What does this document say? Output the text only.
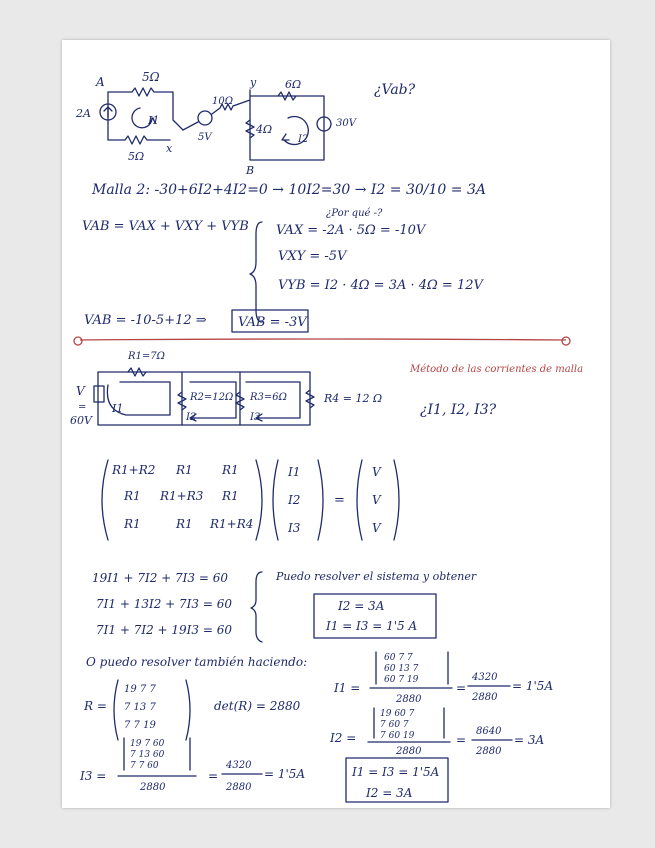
A	5Ω
2A
I1
5Ω
x
10Ω
5V
y	6Ω
4Ω
I2
30V
B
¿Vab?
Malla 2: -30+6I2+4I2=0 → 10I2=30 → I2 = 30/10 = 3A
VAB = VAX + VXY + VYB
¿Por qué -?
VAX = -2A · 5Ω = -10V
VXY = -5V
VYB = I2 · 4Ω = 3A · 4Ω = 12V
VAB = -10-5+12 ⇒ VAB = -3V
R1=7Ω
R2=12Ω R3=6Ω	R4 = 12 Ω
V
=
60V
I1
I2	I3
Método de las corrientes de malla
¿I1, I2, I3?
R1+R2 R1 R1
R1 R1+R3 R1
R1	R1 R1+R4
I1
I2
I3
=
V
V
V
19I1 + 7I2 + 7I3 = 60
7I1 + 13I2 + 7I3 = 60
7I1 + 7I2 + 19I3 = 60
Puedo resolver el sistema y obtener
I2 = 3A
I1 = I3 = 1'5 A
O puedo resolver también haciendo:
R =
19 7 7
7 13 7
7 7 19
det(R) = 2880
I1 =
60 7 7
60 13 7
60 7 19
2880
=
4320
2880
= 1'5A
I2 =
19 60 7
7 60 7
7 60 19
2880
=
8640
2880
= 3A
I3 =
19 7 60
7 13 60
7 7 60
2880
=
4320
2880
= 1'5A	I1 = I3 = 1'5A
I2 = 3A
